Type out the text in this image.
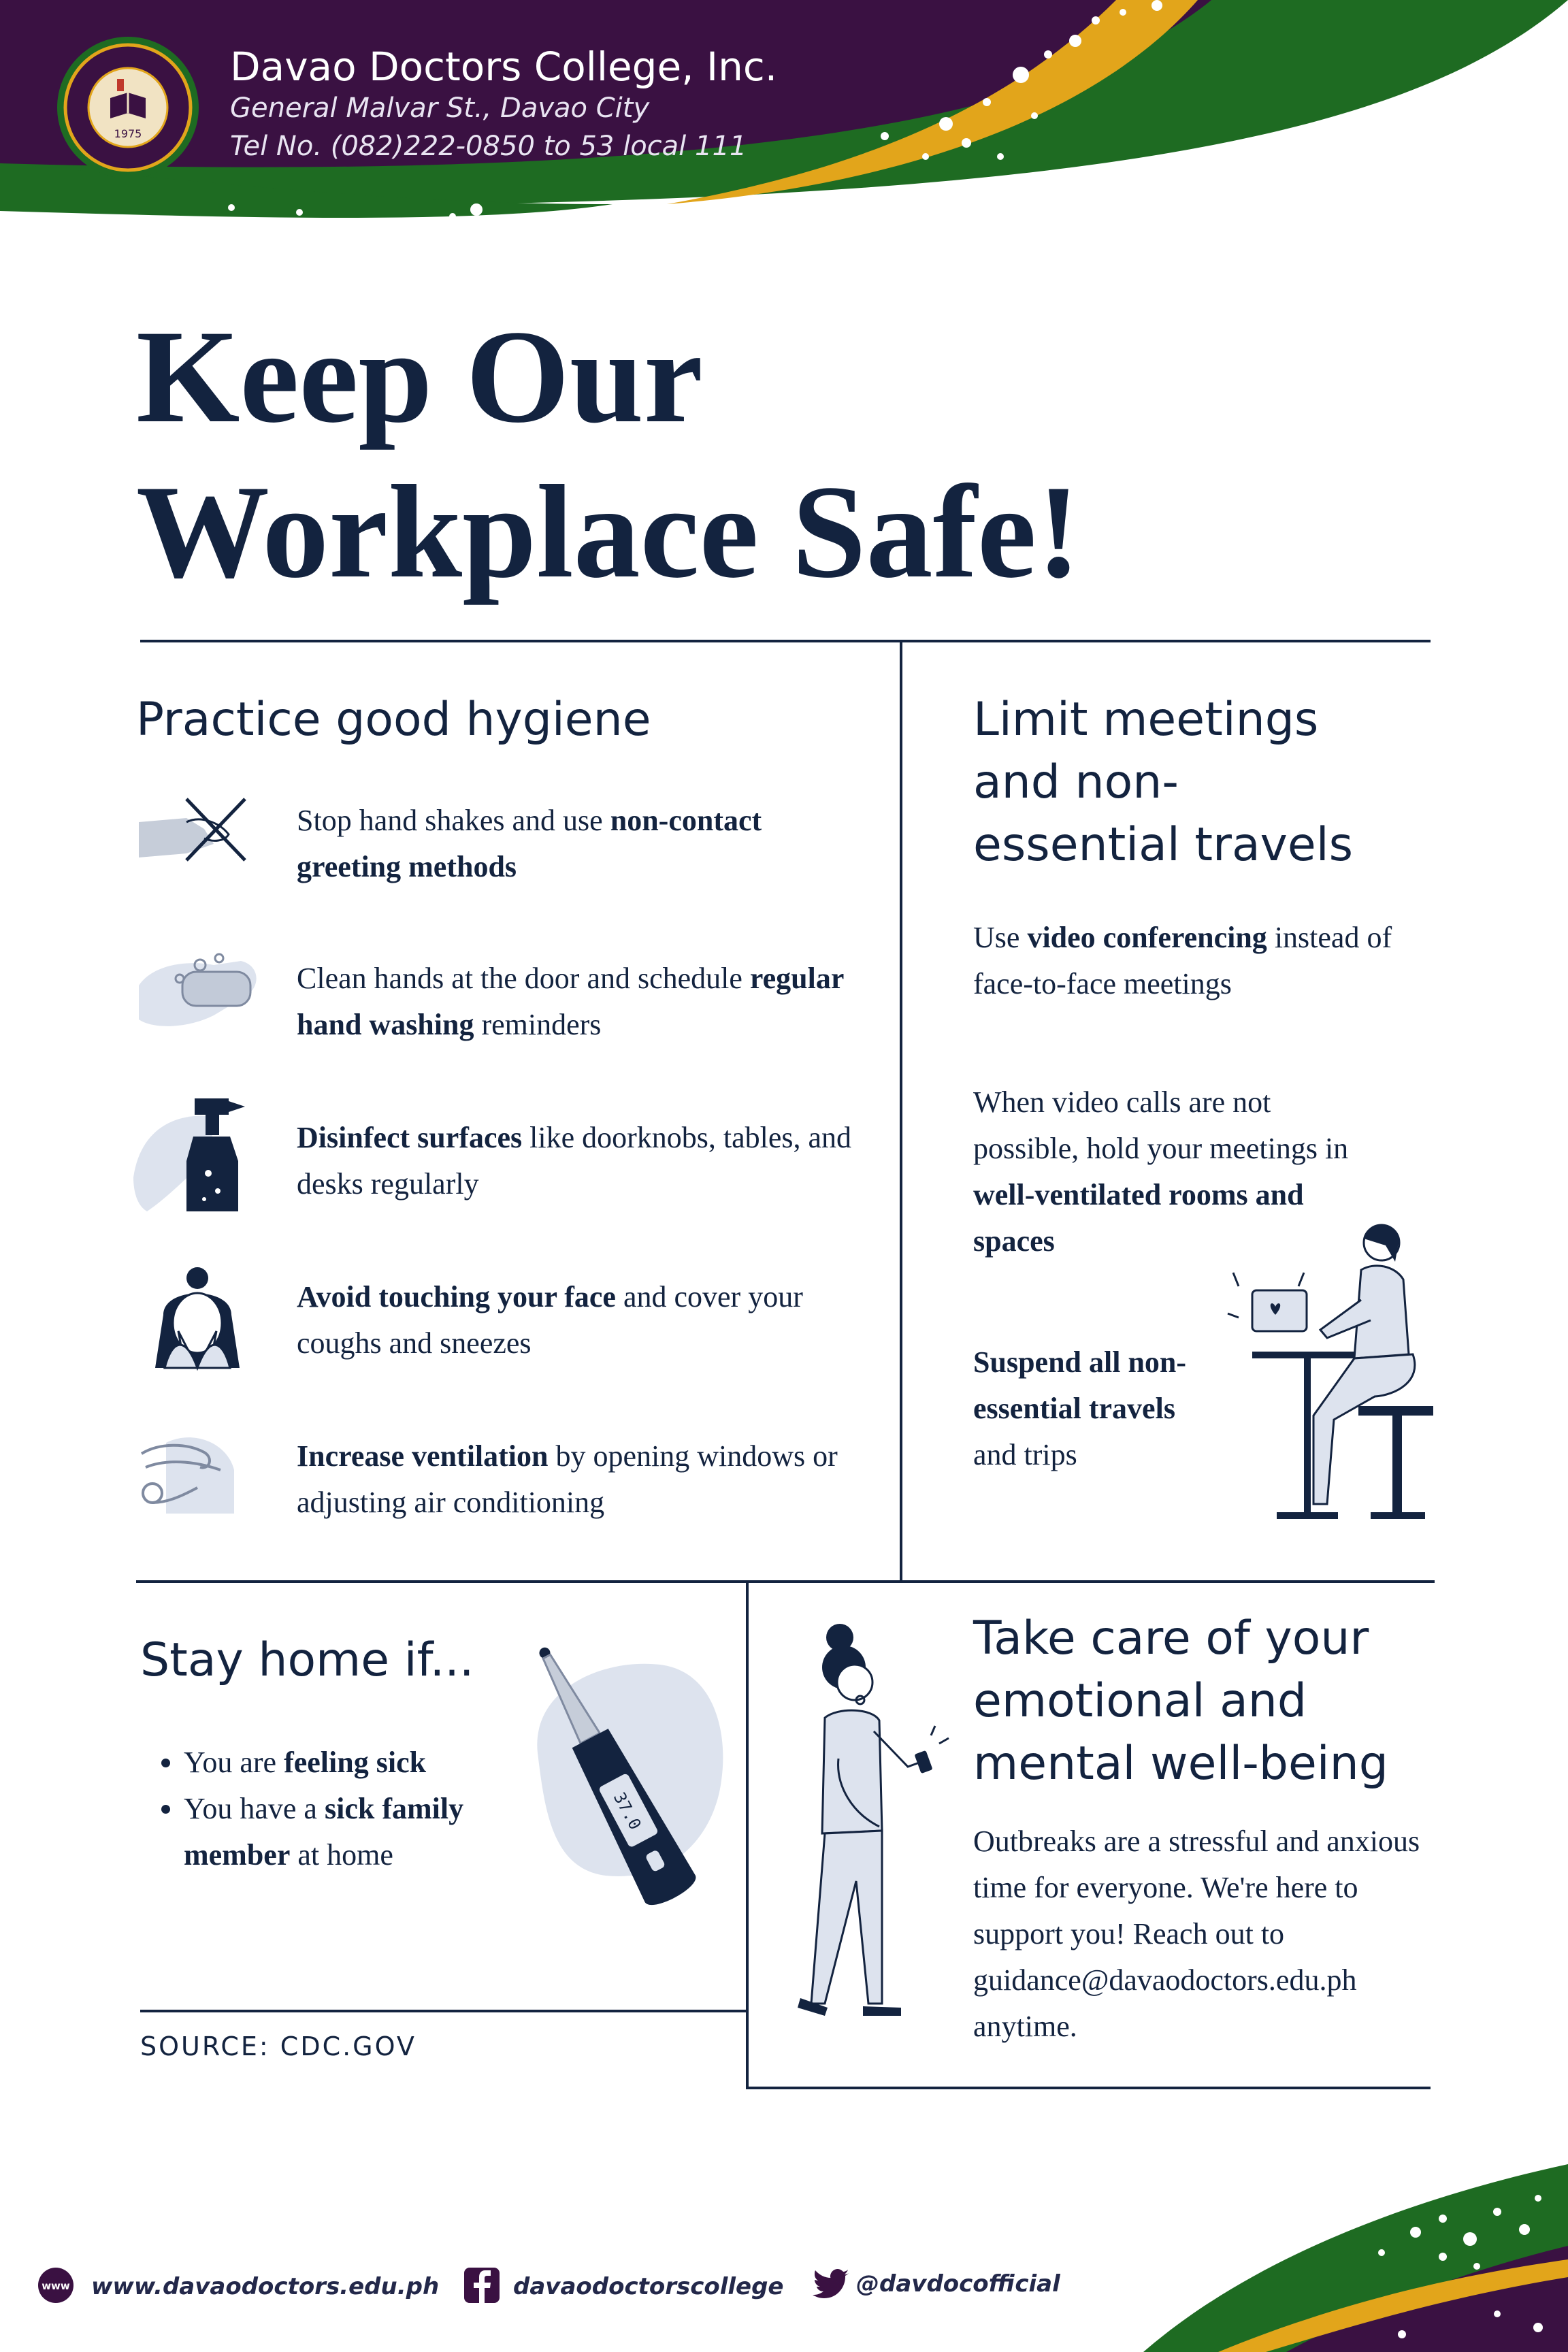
1975
Davao Doctors College, Inc.
General Malvar St., Davao City
Tel No. (082)222-0850 to 53 local 111
Keep Our
Workplace Safe!
Practice good hygiene
Stop hand shakes and use non-contact greeting methods
Clean hands at the door and schedule regular hand washing reminders
Disinfect surfaces like doorknobs, tables, and desks regularly
Avoid touching your face and cover your coughs and sneezes
Increase ventilation by opening windows or adjusting air conditioning
Limit meetings
and non-
essential travels
Use video conferencing instead of face-to-face meetings
When video calls are not possible, hold your meetings in well-ventilated rooms and spaces
Suspend all non-essential travels and trips
Stay home if...
• You are feeling sick
• You have a sick family member at home
37.0
SOURCE: CDC.GOV
Take care of your
emotional and
mental well-being
Outbreaks are a stressful and anxious time for everyone. We're here to support you! Reach out to guidance@davaodoctors.edu.ph anytime.
www www.davaodoctors.edu.ph	davaodoctorscollege	@davdocofficial
